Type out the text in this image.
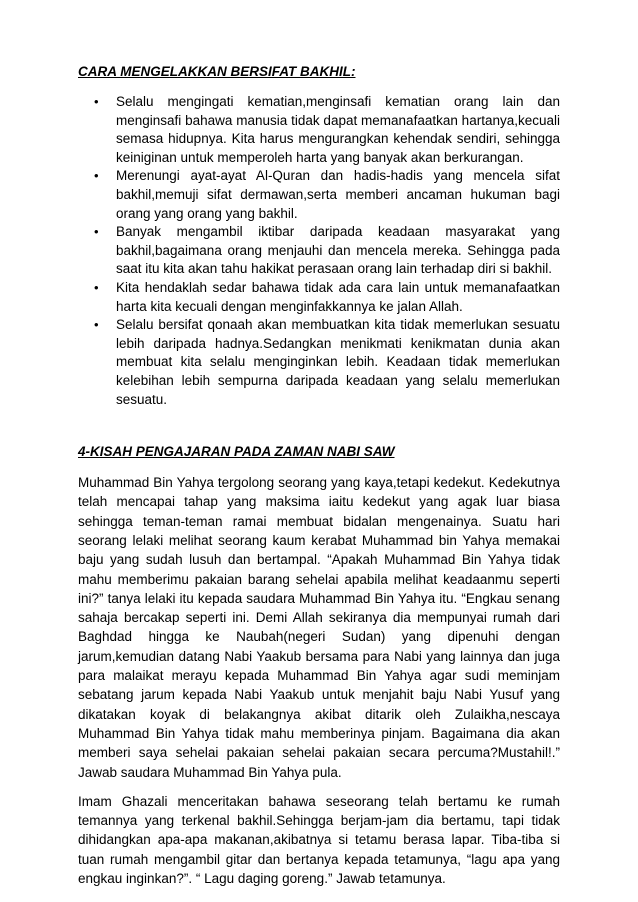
CARA MENGELAKKAN BERSIFAT BAKHIL:
• Selalu mengingati kematian,menginsafi kematian orang lain dan menginsafi bahawa manusia tidak dapat memanafaatkan hartanya,kecuali semasa hidupnya. Kita harus mengurangkan kehendak sendiri, sehingga keiniginan untuk memperoleh harta yang banyak akan berkurangan.
• Merenungi ayat-ayat Al-Quran dan hadis-hadis yang mencela sifat bakhil,memuji sifat dermawan,serta memberi ancaman hukuman bagi orang yang orang yang bakhil.
• Banyak mengambil iktibar daripada keadaan masyarakat yang bakhil,bagaimana orang menjauhi dan mencela mereka. Sehingga pada saat itu kita akan tahu hakikat perasaan orang lain terhadap diri si bakhil.
• Kita hendaklah sedar bahawa tidak ada cara lain untuk memanafaatkan harta kita kecuali dengan menginfakkannya ke jalan Allah.
• Selalu bersifat qonaah akan membuatkan kita tidak memerlukan sesuatu lebih daripada hadnya.Sedangkan menikmati kenikmatan dunia akan membuat kita selalu menginginkan lebih. Keadaan tidak memerlukan kelebihan lebih sempurna daripada keadaan yang selalu memerlukan sesuatu.
4-KISAH PENGAJARAN PADA ZAMAN NABI SAW

Muhammad Bin Yahya tergolong seorang yang kaya,tetapi kedekut. Kedekutnya telah mencapai tahap yang maksima iaitu kedekut yang agak luar biasa sehingga teman-teman ramai membuat bidalan mengenainya. Suatu hari seorang lelaki melihat seorang kaum kerabat Muhammad bin Yahya memakai baju yang sudah lusuh dan bertampal. “Apakah Muhammad Bin Yahya tidak mahu memberimu pakaian barang sehelai apabila melihat keadaanmu seperti ini?” tanya lelaki itu kepada saudara Muhammad Bin Yahya itu. “Engkau senang sahaja bercakap seperti ini. Demi Allah sekiranya dia mempunyai rumah dari Baghdad hingga ke Naubah(negeri Sudan) yang dipenuhi dengan jarum,kemudian datang Nabi Yaakub bersama para Nabi yang lainnya dan juga para malaikat merayu kepada Muhammad Bin Yahya agar sudi meminjam sebatang jarum kepada Nabi Yaakub untuk menjahit baju Nabi Yusuf yang dikatakan koyak di belakangnya akibat ditarik oleh Zulaikha,nescaya Muhammad Bin Yahya tidak mahu memberinya pinjam. Bagaimana dia akan memberi saya sehelai pakaian sehelai pakaian secara percuma?Mustahil!.” Jawab saudara Muhammad Bin Yahya pula.

Imam Ghazali menceritakan bahawa seseorang telah bertamu ke rumah temannya yang terkenal bakhil.Sehingga berjam-jam dia bertamu, tapi tidak dihidangkan apa-apa makanan,akibatnya si tetamu berasa lapar. Tiba-tiba si tuan rumah mengambil gitar dan bertanya kepada tetamunya, “lagu apa yang engkau inginkan?”. “ Lagu daging goreng.” Jawab tetamunya.
